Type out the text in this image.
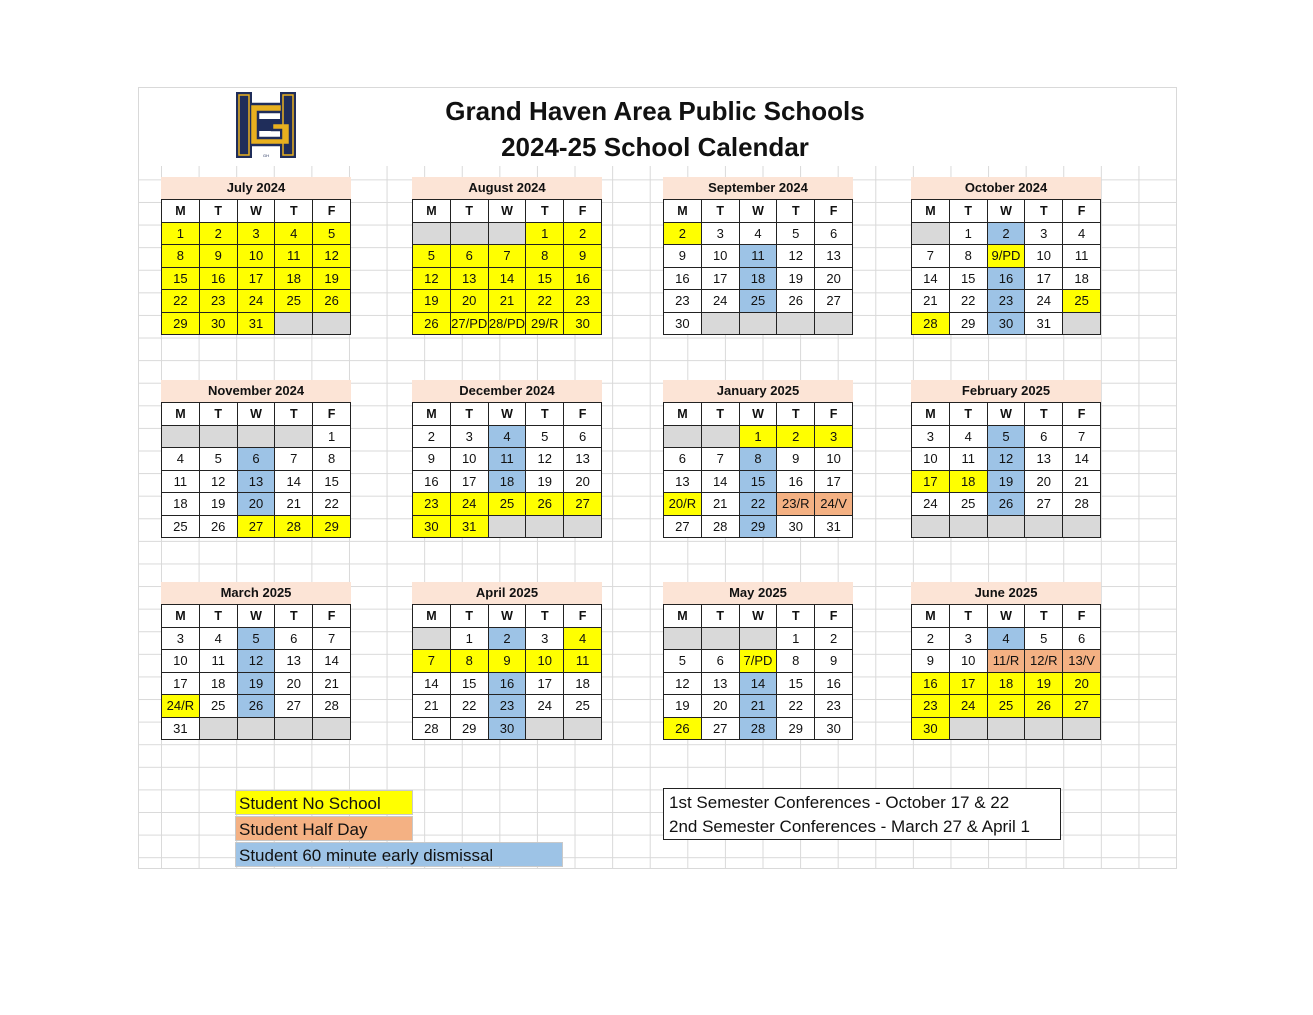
GH
Grand Haven Area Public Schools
2024-25 School Calendar
July 2024
M	T	W	T	F
1	2	3	4	5
8	9	10	11	12
15	16	17	18	19
22	23	24	25	26
29	30	31		
August 2024
M	T	W	T	F
			1	2
5	6	7	8	9
12	13	14	15	16
19	20	21	22	23
26	27/PD	28/PD	29/R	30
September 2024
M	T	W	T	F
2	3	4	5	6
9	10	11	12	13
16	17	18	19	20
23	24	25	26	27
30				
October 2024
M	T	W	T	F
	1	2	3	4
7	8	9/PD	10	11
14	15	16	17	18
21	22	23	24	25
28	29	30	31	
November 2024
M	T	W	T	F
				1
4	5	6	7	8
11	12	13	14	15
18	19	20	21	22
25	26	27	28	29
December 2024
M	T	W	T	F
2	3	4	5	6
9	10	11	12	13
16	17	18	19	20
23	24	25	26	27
30	31			
January 2025
M	T	W	T	F
		1	2	3
6	7	8	9	10
13	14	15	16	17
20/R	21	22	23/R	24/V
27	28	29	30	31
February 2025
M	T	W	T	F
3	4	5	6	7
10	11	12	13	14
17	18	19	20	21
24	25	26	27	28

March 2025
M	T	W	T	F
3	4	5	6	7
10	11	12	13	14
17	18	19	20	21
24/R	25	26	27	28
31				
April 2025
M	T	W	T	F
	1	2	3	4
7	8	9	10	11
14	15	16	17	18
21	22	23	24	25
28	29	30		
May 2025
M	T	W	T	F
			1	2
5	6	7/PD	8	9
12	13	14	15	16
19	20	21	22	23
26	27	28	29	30
June 2025
M	T	W	T	F
2	3	4	5	6
9	10	11/R	12/R	13/V
16	17	18	19	20
23	24	25	26	27
30				
Student No School
Student Half Day
Student 60 minute early dismissal
1st Semester Conferences - October 17 & 22
2nd Semester Conferences - March 27 & April 1
